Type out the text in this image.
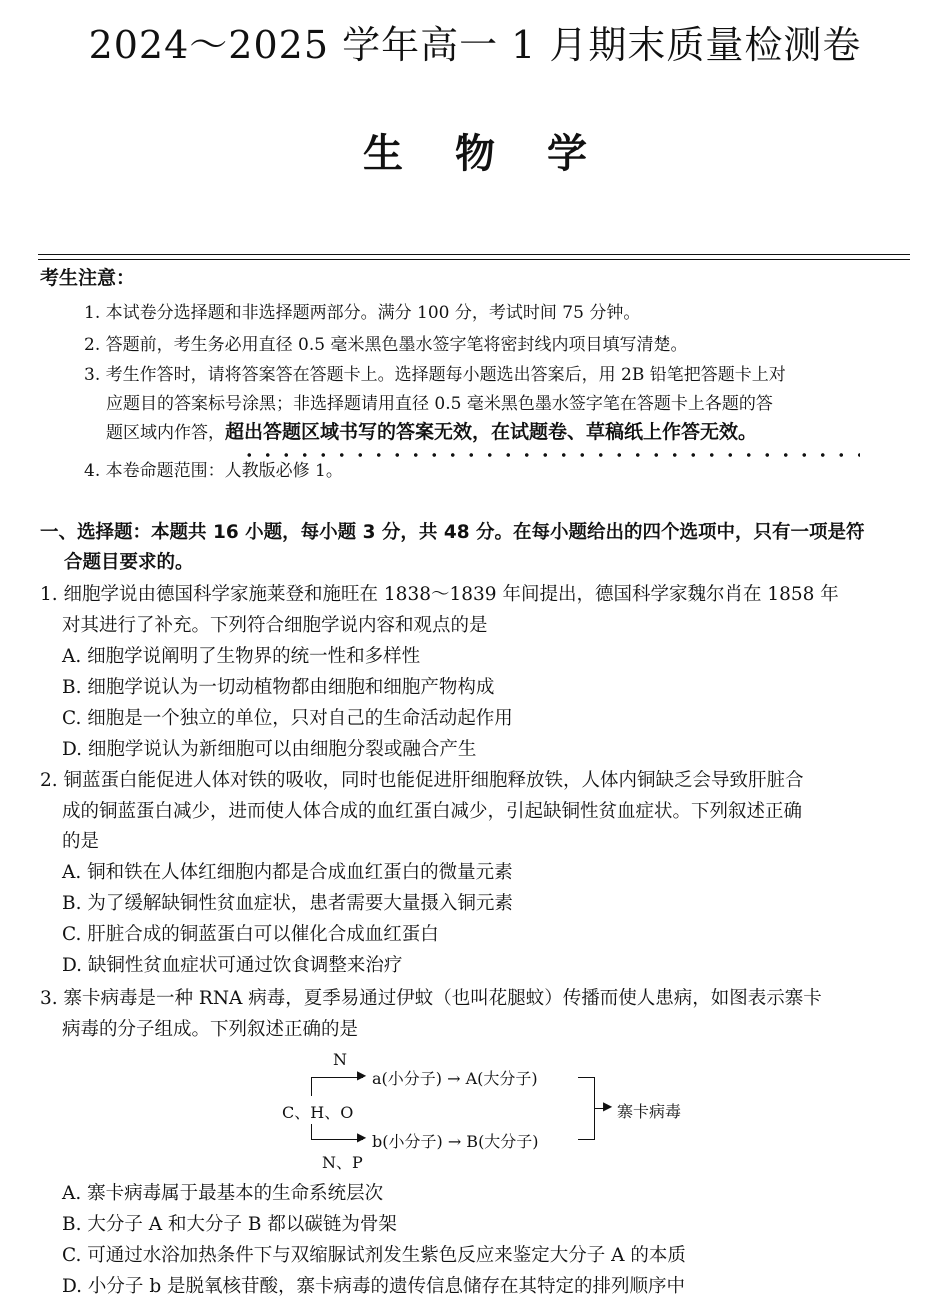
2024～2025 学年高一 1 月期末质量检测卷
生物学
考生注意：
1. 本试卷分选择题和非选择题两部分。满分 100 分，考试时间 75 分钟。
2. 答题前，考生务必用直径 0.5 毫米黑色墨水签字笔将密封线内项目填写清楚。
3. 考生作答时，请将答案答在答题卡上。选择题每小题选出答案后，用 2B 铅笔把答题卡上对
应题目的答案标号涂黑；非选择题请用直径 0.5 毫米黑色墨水签字笔在答题卡上各题的答
题区域内作答，超出答题区域书写的答案无效，在试题卷、草稿纸上作答无效。
4. 本卷命题范围：人教版必修 1。
一、选择题：本题共 16 小题，每小题 3 分，共 48 分。在每小题给出的四个选项中，只有一项是符
合题目要求的。
1. 细胞学说由德国科学家施莱登和施旺在 1838～1839 年间提出，德国科学家魏尔肖在 1858 年
对其进行了补充。下列符合细胞学说内容和观点的是
A. 细胞学说阐明了生物界的统一性和多样性
B. 细胞学说认为一切动植物都由细胞和细胞产物构成
C. 细胞是一个独立的单位，只对自己的生命活动起作用
D. 细胞学说认为新细胞可以由细胞分裂或融合产生
2. 铜蓝蛋白能促进人体对铁的吸收，同时也能促进肝细胞释放铁，人体内铜缺乏会导致肝脏合
成的铜蓝蛋白减少，进而使人体合成的血红蛋白减少，引起缺铜性贫血症状。下列叙述正确
的是
A. 铜和铁在人体红细胞内都是合成血红蛋白的微量元素
B. 为了缓解缺铜性贫血症状，患者需要大量摄入铜元素
C. 肝脏合成的铜蓝蛋白可以催化合成血红蛋白
D. 缺铜性贫血症状可通过饮食调整来治疗
3. 寨卡病毒是一种 RNA 病毒，夏季易通过伊蚊（也叫花腿蚊）传播而使人患病，如图表示寨卡
病毒的分子组成。下列叙述正确的是
N
C、H、O
N、P
▶
▶
a(小分子) → A(大分子)
b(小分子) → B(大分子)
▶ 寨卡病毒
A. 寨卡病毒属于最基本的生命系统层次
B. 大分子 A 和大分子 B 都以碳链为骨架
C. 可通过水浴加热条件下与双缩脲试剂发生紫色反应来鉴定大分子 A 的本质
D. 小分子 b 是脱氧核苷酸，寨卡病毒的遗传信息储存在其特定的排列顺序中
